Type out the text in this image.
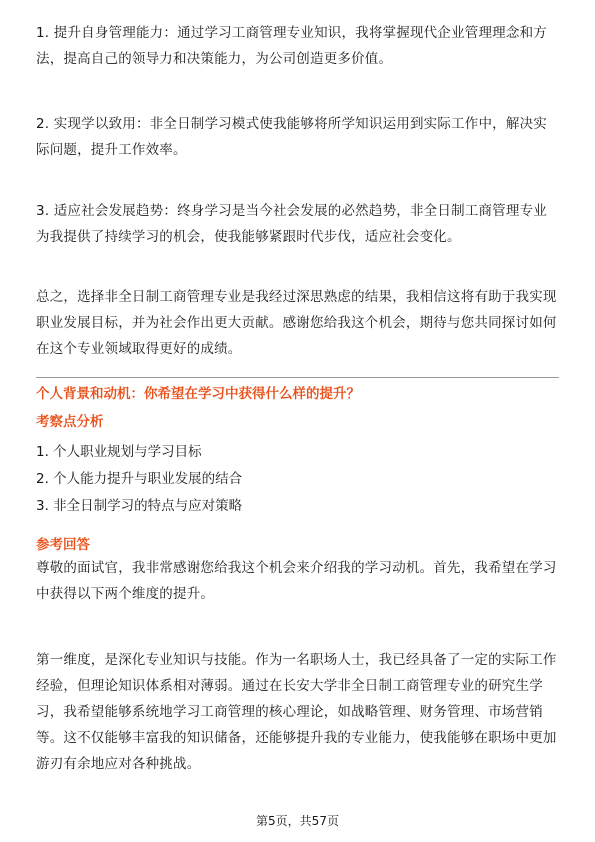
1. 提升自身管理能力：通过学习工商管理专业知识，我将掌握现代企业管理理念和方法，提高自己的领导力和决策能力，为公司创造更多价值。

2. 实现学以致用：非全日制学习模式使我能够将所学知识运用到实际工作中，解决实际问题，提升工作效率。

3. 适应社会发展趋势：终身学习是当今社会发展的必然趋势，非全日制工商管理专业为我提供了持续学习的机会，使我能够紧跟时代步伐，适应社会变化。

总之，选择非全日制工商管理专业是我经过深思熟虑的结果，我相信这将有助于我实现职业发展目标，并为社会作出更大贡献。感谢您给我这个机会，期待与您共同探讨如何在这个专业领域取得更好的成绩。

个人背景和动机：你希望在学习中获得什么样的提升？

考察点分析

1. 个人职业规划与学习目标
2. 个人能力提升与职业发展的结合
3. 非全日制学习的特点与应对策略

参考回答

尊敬的面试官，我非常感谢您给我这个机会来介绍我的学习动机。首先，我希望在学习中获得以下两个维度的提升。

第一维度，是深化专业知识与技能。作为一名职场人士，我已经具备了一定的实际工作经验，但理论知识体系相对薄弱。通过在长安大学非全日制工商管理专业的研究生学习，我希望能够系统地学习工商管理的核心理论，如战略管理、财务管理、市场营销等。这不仅能够丰富我的知识储备，还能够提升我的专业能力，使我能够在职场中更加游刃有余地应对各种挑战。

第5页，共57页
